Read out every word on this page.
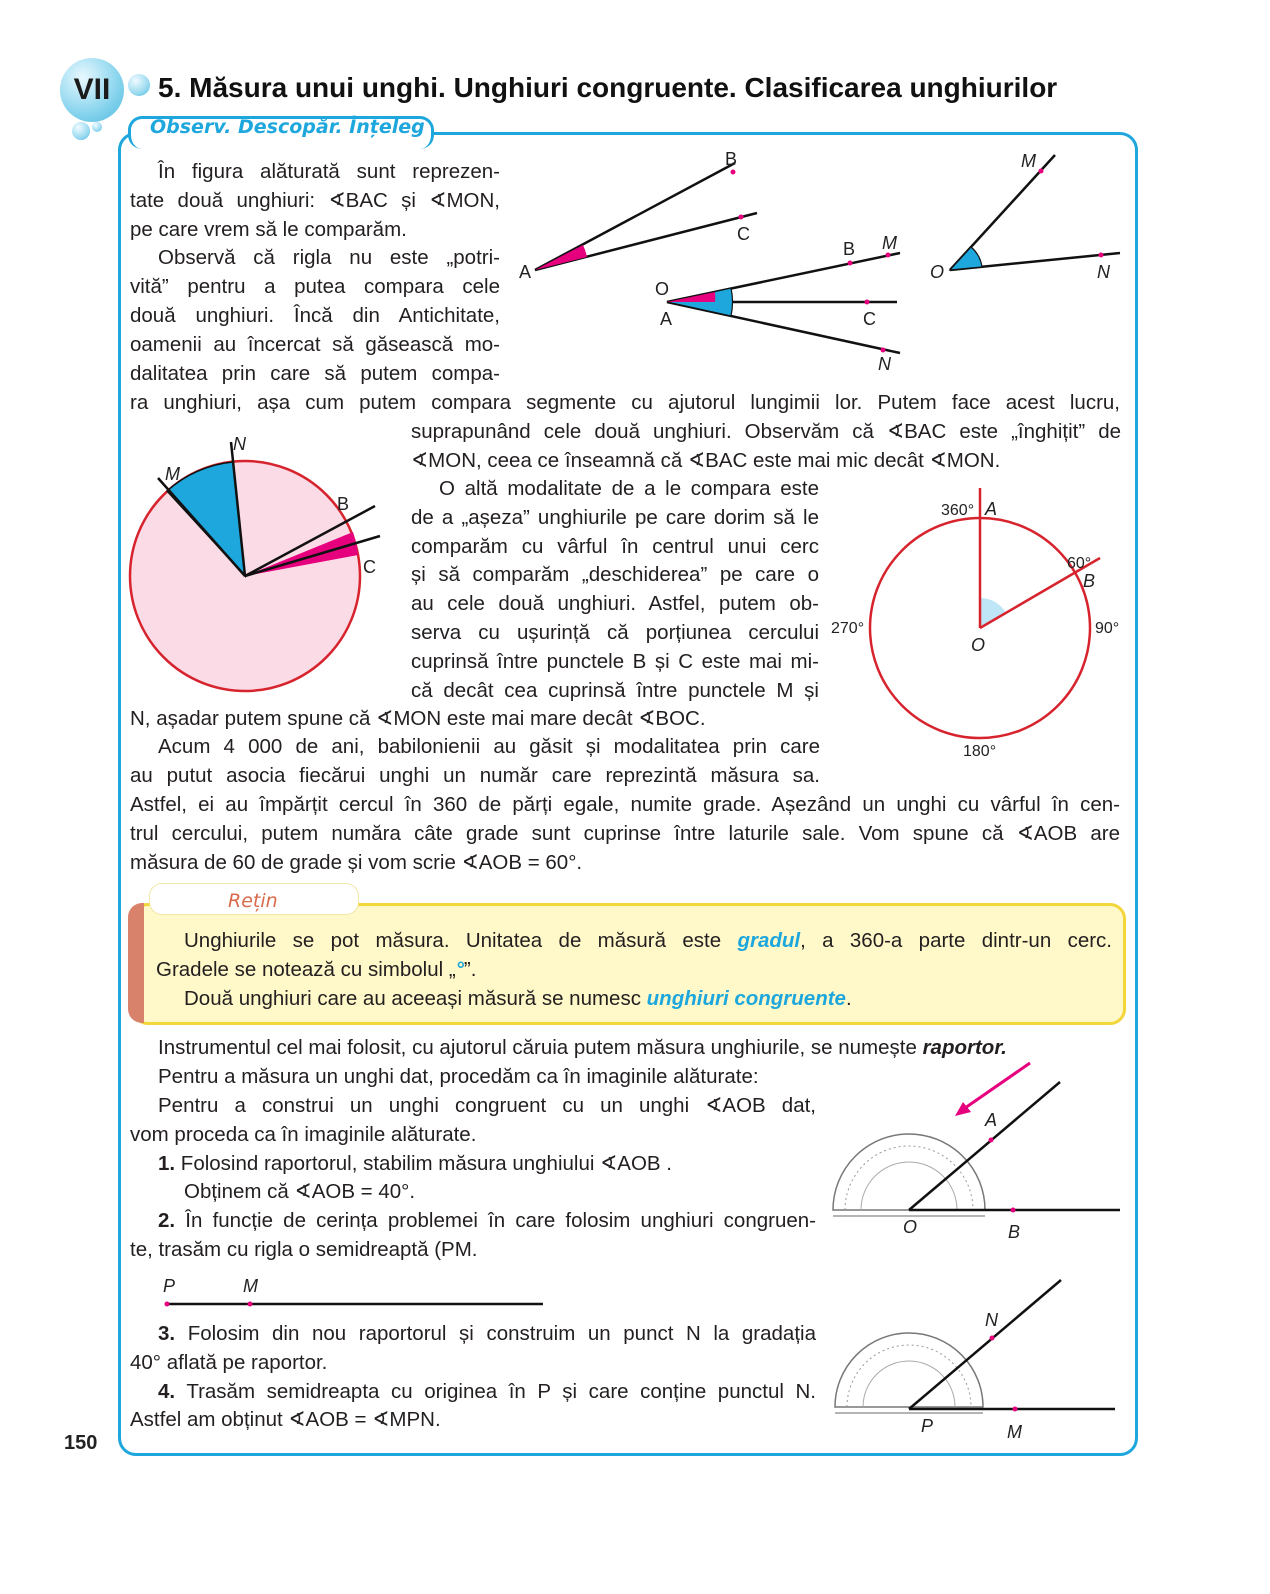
VII	5. Măsura unui unghi. Unghiuri congruente. Clasificarea unghiurilor
Observ. Descopăr. Înțeleg
În figura alăturată sunt reprezen-
tate două unghiuri: ∢BAC și ∢MON,
pe care vrem să le comparăm.
Observă că rigla nu este „potri-
vită” pentru a putea compara cele
două unghiuri. Încă din Antichitate,
oamenii au încercat să găsească mo-
dalitatea prin care să putem compa-
ra unghiuri, așa cum putem compara segmente cu ajutorul lungimii lor. Putem face acest lucru,
B
C
A
M
N
O
B M
C
N
O
A
suprapunând cele două unghiuri. Observăm că ∢BAC este „înghițit” de
∢MON, ceea ce înseamnă că ∢BAC este mai mic decât ∢MON.
M
N
B
C
O altă modalitate de a le compara este
de a „așeza” unghiurile pe care dorim să le
comparăm cu vârful în centrul unui cerc
și să comparăm „deschiderea” pe care o
au cele două unghiuri. Astfel, putem ob-
serva cu ușurință că porțiunea cercului
cuprinsă între punctele B și C este mai mi-
că decât cea cuprinsă între punctele M și
N, așadar putem spune că ∢MON este mai mare decât ∢BOC.
360° A
60°
B
90°
270°
O
180°
Acum 4 000 de ani, babilonienii au găsit și modalitatea prin care
au putut asocia fiecărui unghi un număr care reprezintă măsura sa.
Astfel, ei au împărțit cercul în 360 de părți egale, numite grade. Așezând un unghi cu vârful în cen-
trul cercului, putem număra câte grade sunt cuprinse între laturile sale. Vom spune că ∢AOB are
măsura de 60 de grade și vom scrie ∢AOB = 60°.
Rețin
Unghiurile se pot măsura. Unitatea de măsură este gradul, a 360-a parte dintr-un cerc.
Gradele se notează cu simbolul „°”.
Două unghiuri care au aceeași măsură se numesc unghiuri congruente.
Instrumentul cel mai folosit, cu ajutorul căruia putem măsura unghiurile, se numește raportor.
Pentru a măsura un unghi dat, procedăm ca în imaginile alăturate:
Pentru a construi un unghi congruent cu un unghi ∢AOB dat,
vom proceda ca în imaginile alăturate.
1. Folosind raportorul, stabilim măsura unghiului ∢AOB .
Obținem că ∢AOB = 40°.
2. În funcție de cerința problemei în care folosim unghiuri congruen-
te, trasăm cu rigla o semidreaptă (PM.
P	M
3. Folosim din nou raportorul și construim un punct N la gradația
40° aflată pe raportor.
4. Trasăm semidreapta cu originea în P și care conține punctul N.
Astfel am obținut ∢AOB = ∢MPN.
A
O	B
N
P	M
150
